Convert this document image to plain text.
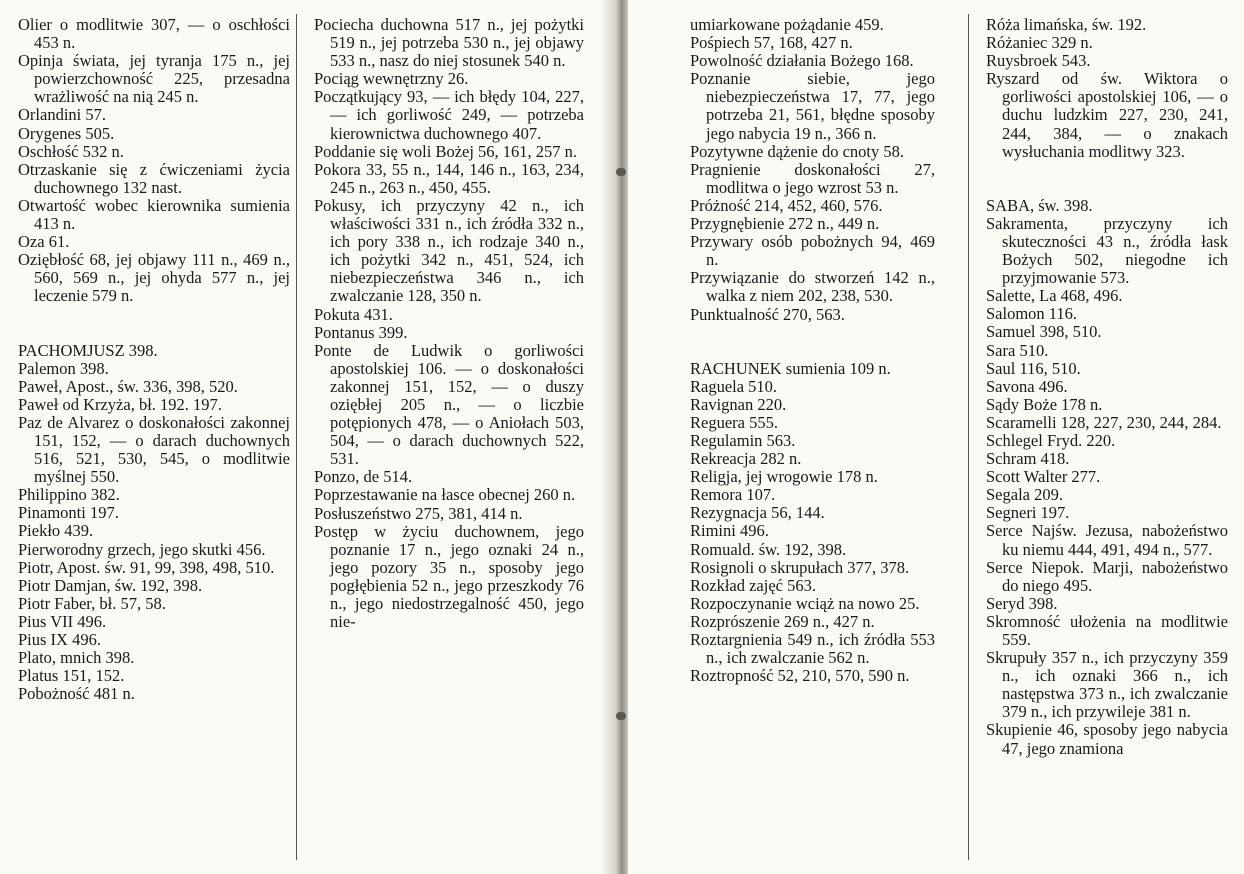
Olier o modlitwie 307, — o oschłości 453 n.

Opinja świata, jej tyranja 175 n., jej powierzchowność 225, przesadna wrażliwość na nią 245 n.

Orlandini 57.

Orygenes 505.

Oschłość 532 n.

Otrzaskanie się z ćwiczeniami życia duchownego 132 nast.

Otwartość wobec kierownika sumienia 413 n.

Oza 61.

Oziębłość 68, jej objawy 111 n., 469 n., 560, 569 n., jej ohyda 577 n., jej leczenie 579 n.

PACHOMJUSZ 398.

Palemon 398.

Paweł, Apost., św. 336, 398, 520.

Paweł od Krzyża, bł. 192. 197.

Paz de Alvarez o doskonałości zakonnej 151, 152, — o darach duchownych 516, 521, 530, 545, o modlitwie myślnej 550.

Philippino 382.

Pinamonti 197.

Piekło 439.

Pierworodny grzech, jego skutki 456.

Piotr, Apost. św. 91, 99, 398, 498, 510.

Piotr Damjan, św. 192, 398.

Piotr Faber, bł. 57, 58.

Pius VII 496.

Pius IX 496.

Plato, mnich 398.

Platus 151, 152.

Pobożność 481 n.

Pociecha duchowna 517 n., jej pożytki 519 n., jej potrzeba 530 n., jej objawy 533 n., nasz do niej stosunek 540 n.

Pociąg wewnętrzny 26.

Początkujący 93, — ich błędy 104, 227, — ich gorliwość 249, — potrzeba kierownictwa duchownego 407.

Poddanie się woli Bożej 56, 161, 257 n.

Pokora 33, 55 n., 144, 146 n., 163, 234, 245 n., 263 n., 450, 455.

Pokusy, ich przyczyny 42 n., ich właściwości 331 n., ich źródła 332 n., ich pory 338 n., ich rodzaje 340 n., ich pożytki 342 n., 451, 524, ich niebezpieczeństwa 346 n., ich zwalczanie 128, 350 n.

Pokuta 431.

Pontanus 399.

Ponte de Ludwik o gorliwości apostolskiej 106. — o doskonałości zakonnej 151, 152, — o duszy oziębłej 205 n., — o liczbie potępionych 478, — o Aniołach 503, 504, — o darach duchownych 522, 531.

Ponzo, de 514.

Poprzestawanie na łasce obecnej 260 n.

Posłuszeństwo 275, 381, 414 n.

Postęp w życiu duchownem, jego poznanie 17 n., jego oznaki 24 n., jego pozory 35 n., sposoby jego pogłębienia 52 n., jego przeszkody 76 n., jego niedostrzegalność 450, jego nie-

umiarkowane pożądanie 459.

Pośpiech 57, 168, 427 n.

Powolność działania Bożego 168.

Poznanie siebie, jego niebezpieczeństwa 17, 77, jego potrzeba 21, 561, błędne sposoby jego nabycia 19 n., 366 n.

Pozytywne dążenie do cnoty 58.

Pragnienie doskonałości 27, modlitwa o jego wzrost 53 n.

Próżność 214, 452, 460, 576.

Przygnębienie 272 n., 449 n.

Przywary osób pobożnych 94, 469 n.

Przywiązanie do stworzeń 142 n., walka z niem 202, 238, 530.

Punktualność 270, 563.

RACHUNEK sumienia 109 n.

Raguela 510.

Ravignan 220.

Reguera 555.

Regulamin 563.

Rekreacja 282 n.

Religja, jej wrogowie 178 n.

Remora 107.

Rezygnacja 56, 144.

Rimini 496.

Romuald. św. 192, 398.

Rosignoli o skrupułach 377, 378.

Rozkład zajęć 563.

Rozpoczynanie wciąż na nowo 25.

Rozprószenie 269 n., 427 n.

Roztargnienia 549 n., ich źródła 553 n., ich zwalczanie 562 n.

Roztropność 52, 210, 570, 590 n.

Róża limańska, św. 192.

Różaniec 329 n.

Ruysbroek 543.

Ryszard od św. Wiktora o gorliwości apostolskiej 106, — o duchu ludzkim 227, 230, 241, 244, 384, — o znakach wysłuchania modlitwy 323.

SABA, św. 398.

Sakramenta, przyczyny ich skuteczności 43 n., źródła łask Bożych 502, niegodne ich przyjmowanie 573.

Salette, La 468, 496.

Salomon 116.

Samuel 398, 510.

Sara 510.

Saul 116, 510.

Savona 496.

Sądy Boże 178 n.

Scaramelli 128, 227, 230, 244, 284.

Schlegel Fryd. 220.

Schram 418.

Scott Walter 277.

Segala 209.

Segneri 197.

Serce Najśw. Jezusa, nabożeństwo ku niemu 444, 491, 494 n., 577.

Serce Niepok. Marji, nabożeństwo do niego 495.

Seryd 398.

Skromność ułożenia na modlitwie 559.

Skrupuły 357 n., ich przyczyny 359 n., ich oznaki 366 n., ich następstwa 373 n., ich zwalczanie 379 n., ich przywileje 381 n.

Skupienie 46, sposoby jego nabycia 47, jego znamiona
